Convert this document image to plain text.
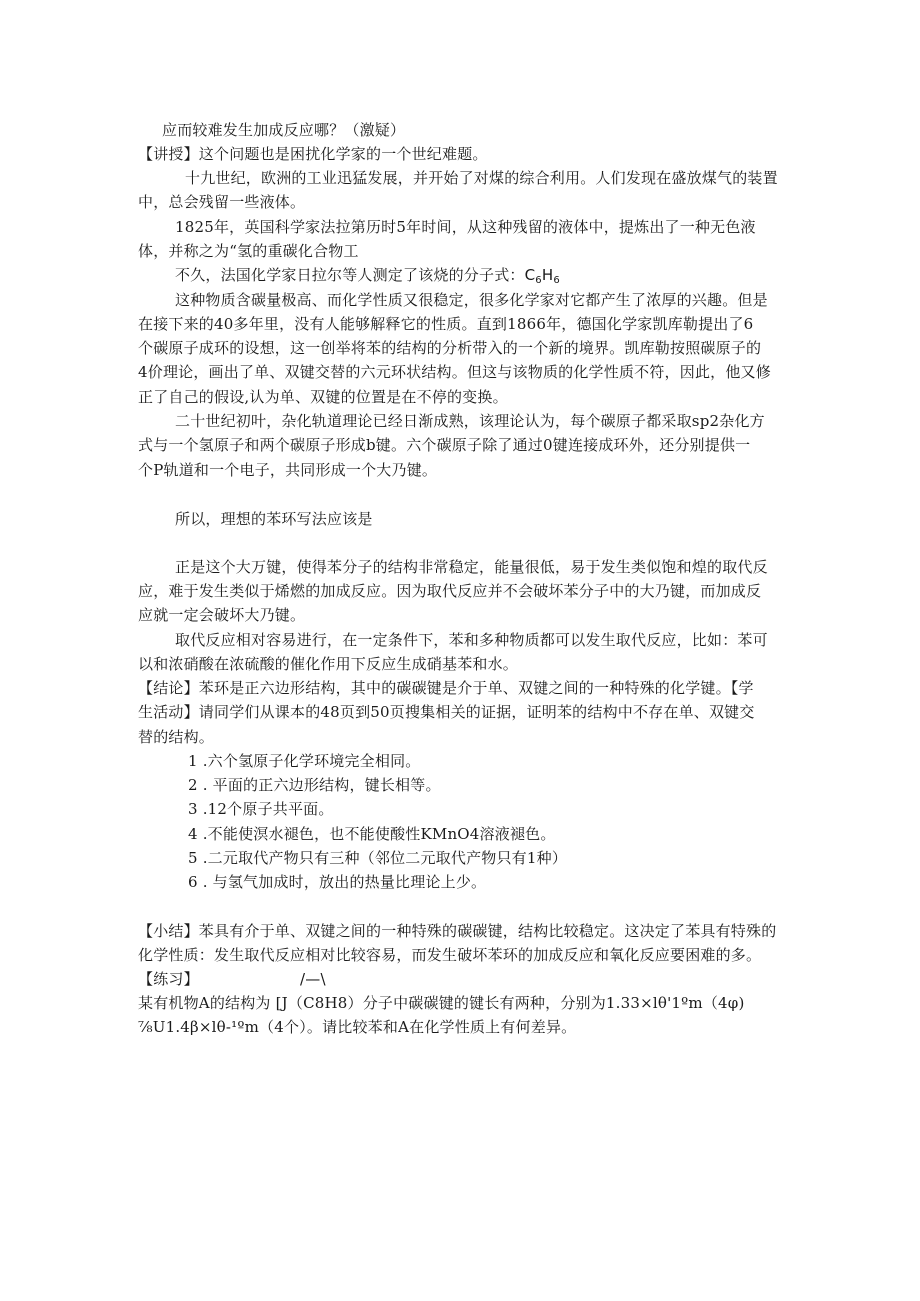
应而较难发生加成反应哪？（激疑）
【讲授】这个问题也是困扰化学家的一个世纪难题。
十九世纪，欧洲的工业迅猛发展，并开始了对煤的综合利用。人们发现在盛放煤气的装置
中，总会残留一些液体。
1825年，英国科学家法拉第历时5年时间，从这种残留的液体中，提炼出了一种无色液
体，并称之为“氢的重碳化合物工
不久，法国化学家日拉尔等人测定了该烧的分子式：$C_6H_6$
这种物质含碳量极高、而化学性质又很稳定，很多化学家对它都产生了浓厚的兴趣。但是
在接下来的40多年里，没有人能够解释它的性质。直到1866年，德国化学家凯库勒提出了6
个碳原子成环的设想，这一创举将苯的结构的分析带入的一个新的境界。凯库勒按照碳原子的
4价理论，画出了单、双键交替的六元环状结构。但这与该物质的化学性质不符，因此，他又修
正了自己的假设,认为单、双键的位置是在不停的变换。
二十世纪初叶，杂化轨道理论已经日渐成熟，该理论认为，每个碳原子都采取sp2杂化方
式与一个氢原子和两个碳原子形成b键。六个碳原子除了通过0键连接成环外，还分别提供一
个P轨道和一个电子，共同形成一个大乃键。
所以，理想的苯环写法应该是
正是这个大万键，使得苯分子的结构非常稳定，能量很低，易于发生类似饱和煌的取代反
应，难于发生类似于烯燃的加成反应。因为取代反应并不会破坏苯分子中的大乃键，而加成反
应就一定会破坏大乃键。
取代反应相对容易进行，在一定条件下，苯和多种物质都可以发生取代反应，比如：苯可
以和浓硝酸在浓硫酸的催化作用下反应生成硝基苯和水。
【结论】苯环是正六边形结构，其中的碳碳键是介于单、双键之间的一种特殊的化学键。【学
生活动】请同学们从课本的48页到50页搜集相关的证据，证明苯的结构中不存在单、双键交
替的结构。
1 .六个氢原子化学环境完全相同。
2 . 平面的正六边形结构，键长相等。
3 .12个原子共平面。
4 .不能使溟水褪色，也不能使酸性KMnO4溶液褪色。
5 .二元取代产物只有三种（邻位二元取代产物只有1种）
6 . 与氢气加成时，放出的热量比理论上少。
【小结】苯具有介于单、双键之间的一种特殊的碳碳键，结构比较稳定。这决定了苯具有特殊的
化学性质：发生取代反应相对比较容易，而发生破坏苯环的加成反应和氧化反应要困难的多。
【练习】	/—\
某有机物A的结构为 [J（C8H8）分子中碳碳键的键长有两种，分别为1.33×lθ'1ºm（4φ)
⅞U1.4β×lθ-¹ºm（4个）。请比较苯和A在化学性质上有何差异。
